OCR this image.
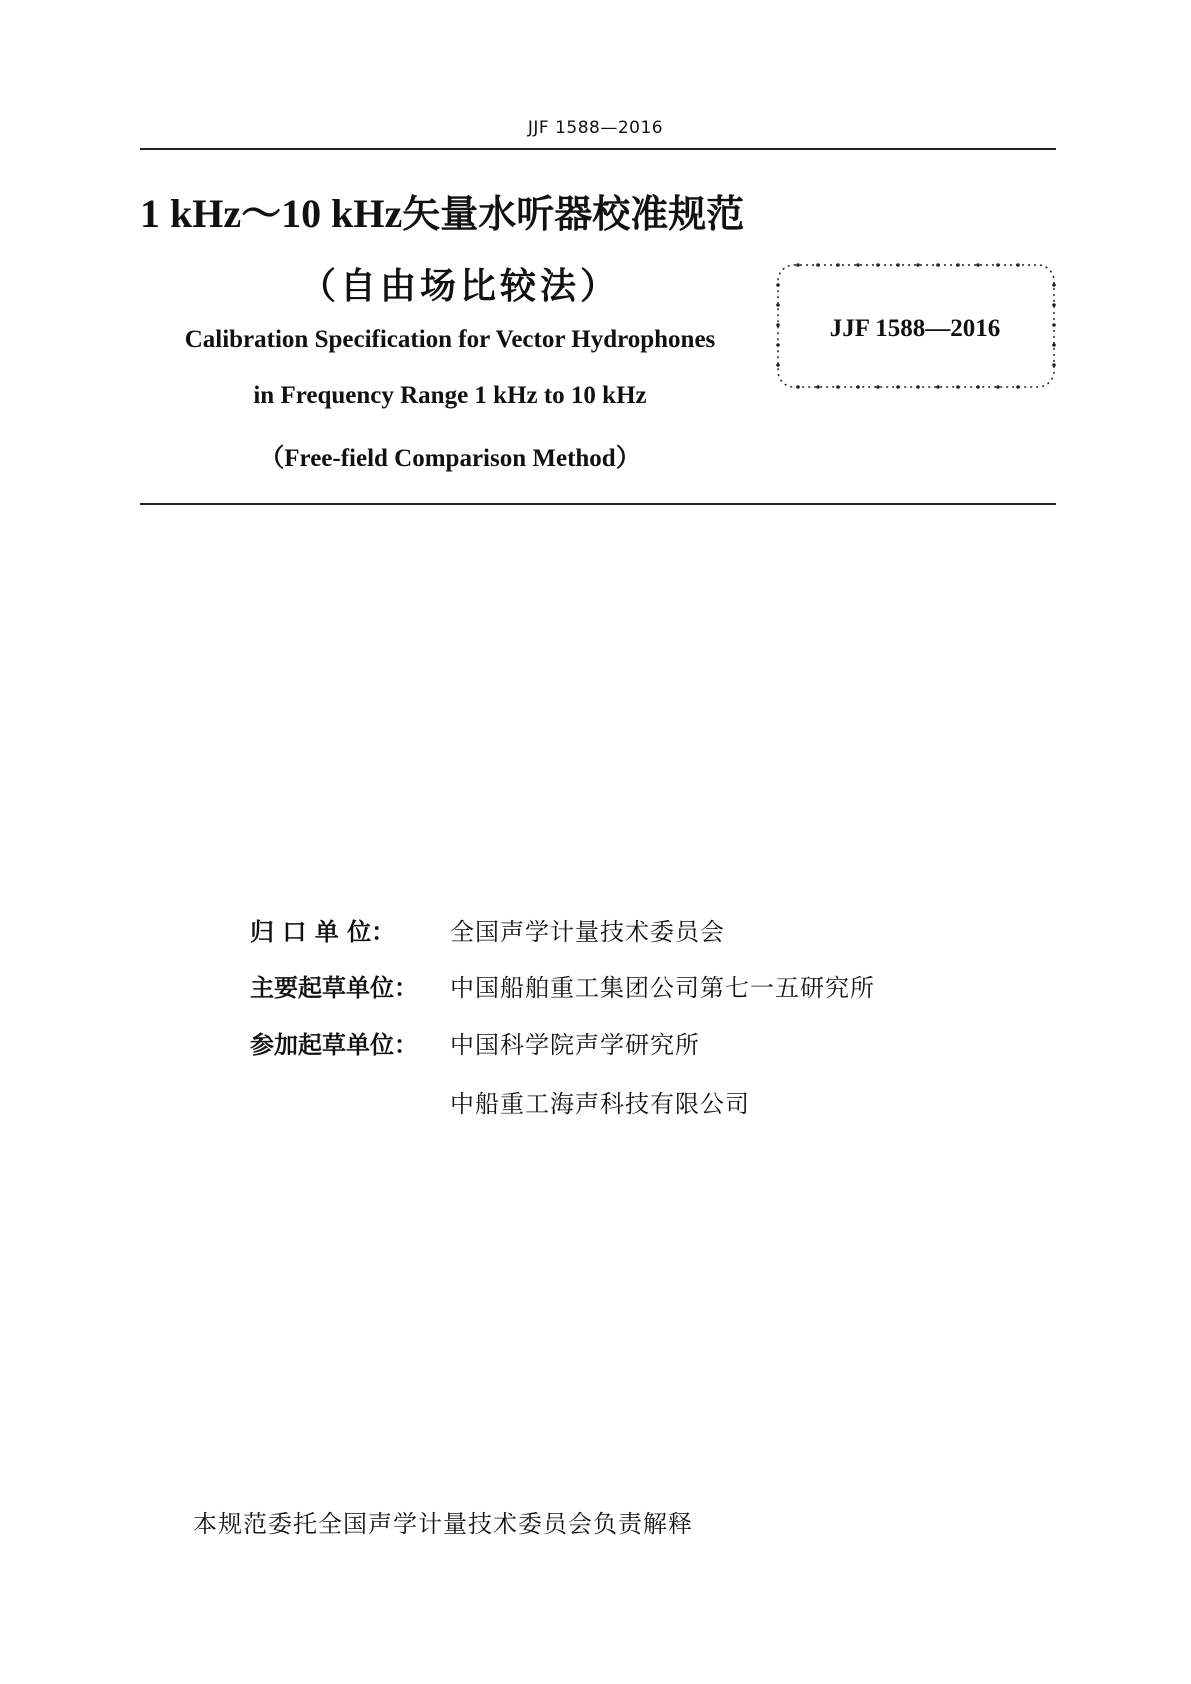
JJF 1588—2016
1 kHz～10 kHz矢量水听器校准规范
（自由场比较法）
Calibration Specification for Vector Hydrophones
in Frequency Range 1 kHz to 10 kHz
（Free-field Comparison Method）
JJF 1588—2016
归 口 单 位： 全国声学计量技术委员会
主要起草单位： 中国船舶重工集团公司第七一五研究所
参加起草单位： 中国科学院声学研究所
中船重工海声科技有限公司
本规范委托全国声学计量技术委员会负责解释
